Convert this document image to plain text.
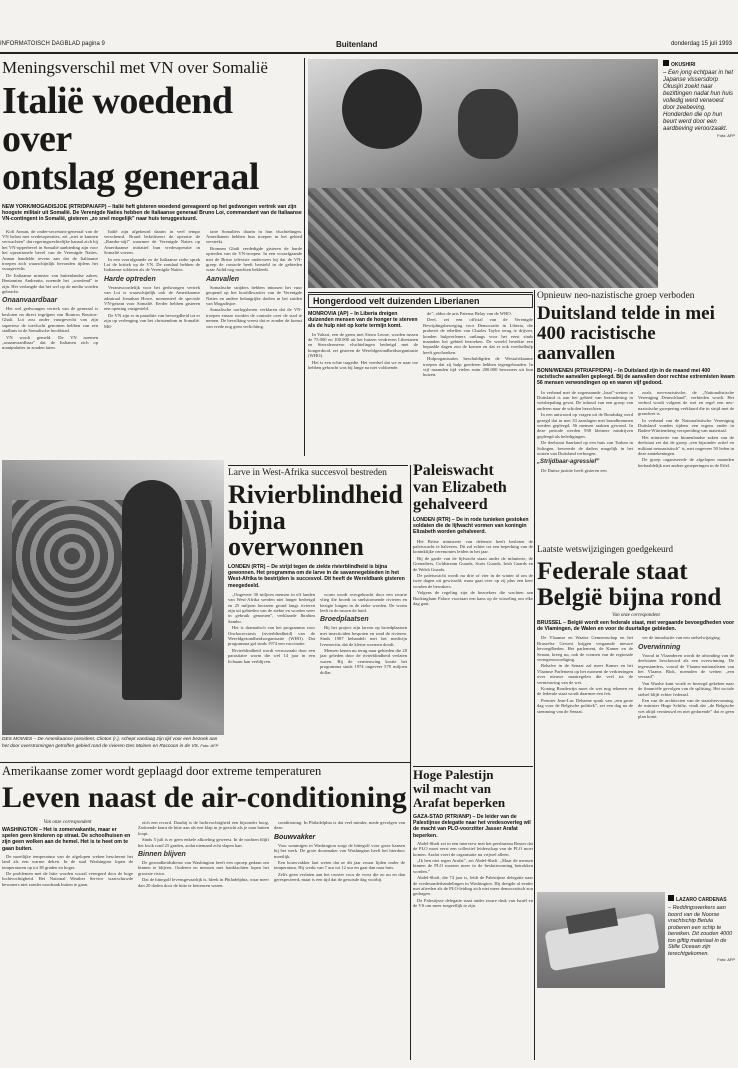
INFORMATOISCH DAGBLAD pagina 9	Buitenland	donderdag 15 juli 1993
Meningsverschil met VN over Somalië
Italië woedend over
ontslag generaal
NEW YORK/MOGADISJOE (RTR/DPA/AFP) – Italië heft gisteren woedend gereageerd op het gedwongen vertrek van zijn hoogste militair uit Somalië. De Verenigde Naties hebben de Italiaanse generaal Bruno Loi, commandant van de Italiaanse VN-contingent in Somalië, gisteren „zo snel mogelijk” naar huis teruggestuurd.

Kofi Annan, de onder-secretaris-generaal van de VN belast met vredesoperaties, zei „niet te kunnen verwachten” dat regeringsrechtelijke kanaal zich bij het VN-opperbevel in Somalië aanbieding zijn voor het operationele bevel van de Verenigde Naties. Annan handelde tevens aan dat de Italiaanse troepen zich waarschijnlijk bevonden tijdens het vuurgevecht.

De Italiaanse minister van buitenlandse zaken, Beniamino Andreatta, noemde het „woedend” te zijn. Het verlangde dat het wel op de media worden gebracht.

Onaanvaardbaar

Het wel gedwongen vertrek van de generaal is besloten na direct ingrijpen van Boutros Boutros-Ghali. Loi zou onder vuurgevecht van zijn superieur de toevlucht genomen hebben van een stadhuis in de Somalische hoofdstad.

VN wordt gemeld. De VN noemen „onaanvaardbaar” dat de Italianen zich op manipulaties in zouden laten.

Italië zijn afgekeurd daarin in veel tempo verscheurd. Brand bekritiseert de operatie de „Rambo-stijl” waarmee de Verenigde Naties op Amerikaanse initiatief hun vredesoperatie in Somalië voeren.

In een voorafgaande zo de Italiaanse radio sprak Loi de kritiek op de VN. De zondaal hebben de Italiaanse soldaten als de Verenigde Naties.

Harde optreden

Verantwoordelijk voor het gedwongen vertrek van Loi is waarschijnlijk ook de Amerikaanse admiraal Jonathan Howe, momenteel de speciale VN-gezant voor Somalië. Eerder hebben gisteren een opening vastgesteld.

De VN zijn er in paraditie van bevoegdheid tot er zijn op verlenging van het christendom in Somalië. Mil-

taire Somaliërs daarin in hun vluchtelingen. Amerikanen hebben hun troepen in het gebied versterkt.

Bronnen Ghali verdedigde gisteren de harde optreden van de VN-troepen. In een voorafgaande met de Britse televisie onderwees hij dat de VN-groep de controle heeft hersteld in de gebieden waar Aidid nog machten bekleedt.

Aanvallen

Somalische strijders hebben intussen het vuur geopend op het hoofdkwartier van de Verenigde Naties en andere belangrijke doelen in het zuiden van Mogadisjoe.

Somalische oorlogsheren verklaren dat de VN-troepen ernaar worden de controle over de stad te nemen. De bevolking vreest dat er zonder de komst van vrede nog geen verlichting.

OKUSHIRI
– Een jong echtpaar in het Japanse vissersdorp Okusjiri zoekt naar bezittingen nadat hun huis volledig werd verwoest door zeebeving. Honderden die op hun beurt werd door een aardbeving veroorzaakt.
Foto: AFP
Hongerdood velt duizenden Liberianen
MONROVIA (AP) – In Liberia dreigen duizenden mensen van de honger te sterven als de hulp niet op korte termijn komt.

In Valtari, een de grens met Sierra Leone, worden tussen de 75.000 en 100.000 uit het huizen verdreven Liberianen en Sierraleoneese vluchtelingen bedreigd met de hongerdood, zei gisteren de Wereldgezondheidsorganisatie (WHO).

Het is een echte tragedie. Het voedsel dat we er naar toe hebben gebracht was bij lange na niet voldoende.

de”, aldus de arts Paterna Belay van de WHO.

Deel, zei een official van de Verenigde Bevrijdingsbeweging voor Democratie in Liberia, die probeert de rebellen van Charles Taylor terug te drijven, konden hulpverleners ontlangs voor het eerst sinds maanden het gebied bezoeken. De wereld bereikte een bepaalde dagen zou de komen en dat er ook voedselhulp heeft geschonken.

Hulporganisaties beschuldigden de Westafrikaanse troepen dat zij hulp goederen hebben tegengehouden. In vijf maanden tijd vielen ruim 200.000 bewoners uit hun huizen.

Opnieuw neo-nazistische groep verboden
Duitsland telde in mei
400 racistische aanvallen
BONN/WENEN (RTR/AFP/DPA) – In Duitsland zijn in de maand mei 400 racistische aanvallen gepleegd. Bij de aanvallen door rechtse extremisten kwam 56 mensen verwondingen op en waren vijf gedood.

In verband met de zogenaamde „haat”-wetten in Duitsland is aan het gebied van bezondering in wetsbepaling gevat. De inhoud van een groep van anderen naar de scholen bezochten.

In een antwoord op vragen uit de Bondsdag werd gezegd dat in mei 33 aanslagen met brandbommen werden gepleegd, 56 mensen raakten gewond. In deze periode werden 938 kleinere misdrijven gepleegd als beledigingen.

De deelstaat Saarland op een huis van Turken in Solingen, beweerde de daders mogelijk in het oosten van Duitsland verborgen.

„Strijdbaar-agressief”

De Duitse justitie heeft gisteren een

zoals neo-nazistische, de „Nationalistische Vereniging Deutschland”, verbieden wordt. Het verbod wordt volgens de wet en regel een neo-nazistische groepering verklaard die in strijd met de grondwet is.

In verband van de Nationalistische Vereniging Duitsland vonden tijdens een ergens onder in Baden-Württemberg verspreiding van materiaal.

Het ministerie van binnenlandse zaken van de deelstaat zei dat de groep „een bijzonder actief en militant neonazistisch” is, met ongeveer 50 leden in deze aantekeningen.

De groep organiseerde de afgelopen maanden herhaaldelijk met andere groeperingen in de Eifel.

DES MOINES – De Amerikaanse president, Clinton (r.), schept vandaag zijn tijd voor een bezoek aan het door overstromingen getroffen gebied rond de rivieren Des Moines en Raccoon in de VS. Foto: AFP
Larve in West-Afrika succesvol bestreden
Rivierblindheid
bijna overwonnen
LONDEN (RTR) – De strijd tegen de ziekte rivierblindheid is bijna gewonnen. Het programma om de larve in de savannegebieden in het West-Afrika te bestrijden is succesvol. Dit heeft de Wereldbank gisteren meegedeeld.

„Ongeveer 30 miljoen mensen in elf landen van West-Afrika werden niet langer bedreigd en 25 miljoen hectaren grond langs rivieren zijn uit gebieden van de ziekte en worden weer in gebruik genomen”, verklaarde Ibrahim Sambo.

Het is dramatisch van het programma voor Onchocerciasis (rivierblindheid) van de Wereldgezondheidsorganisatie (WHO). Dat programma gaf sinds 1974 een vaccinatie.

Rivierblindheid wordt veroorzaakt door een parasitaire worm die wel 14 jaar in een lichaam kan verblijven.

worm wordt overgebracht door een zwarte vlieg die broedt in snelstromende rivieren en bezigte longen in de zieke worden. De worm leeft in de tussen de huid.

Broedplaatsen

Bij het project zijn larven op broedplaatsen met insecticiden bespoten en rond de rivieren. Sinds 1987 behandelt met het medicijn Ivermectin, dat de kleine wormen doodt.

Mensen kenen nu terug naar gebieden die 20 jaar geleden door de rivierblindheid verlaten waren. Bij de vernieuwing kostte het programma sinds 1974 ongeveer 570 miljoen dollar.

Paleiswacht
van Elizabeth
gehalveerd
LONDEN (RTR) – De in rode tunieken gestoken soldaten die de lijfwacht vormen van koningin Elizabeth worden gehalveerd.

Het Britse ministerie van defensie heeft besloten de paleiswacht te halveren. Dit zal echter tot een beperking van de koninklijke ceremonies leiden in het jaar.

Bij de garde van de lijfwacht staan onder de infanterie, de Grenadiers, Coldstream Guards, Scots Guards, Irish Guards en de Welsh Guards.

De paleiswacht wordt nu drie of vier in de winter al om de twee dagen uit gewisseld, maar gaat over op zij plus een keer worden de bewakers.

Volgens de regeling zijn de bezoekers die wachten aan Buckingham Palace voortaan een kans op de wisseling om elke dag gaat.

Laatste wetswijzigingen goedgekeurd
Federale staat
België bijna rond
Van onze correspondent
BRUSSEL – België wordt een federale staat, met vergaande bevoegdheden voor de Vlamingen, de Walen en voor de duurtalige gebieden.

De Vlaamse en Waalse Gemeenschap en het Brusselse Gewest krijgen vergaande nieuwe bevoegdheden. Het parlement, de Kamer en de Senaat, kreeg nu, ook de vormen van de regionale vertegenwoordiging.

Behalve in de Senaat zal meer Kamer en het Vlaamse Parlement op het moment de verkiezingen over nieuwe maatregelen die veel tot de vernieuwing van de wet.

Koning Boudewijn moet de wet nog tekenen en de federale staat wordt daarmee een feit.

Premier Jean-Luc Dehaene sprak van „een grote dag voor de Belgische politiek”, zei een dag na de stemming van de Senaat.

ver de introductie van een stelselwijziging.

Overwinning

Vooral in Vlaanderen wordt de afronding van de deelstaten beschouwd als een overwinning. De tegenstanders, vooral de Vlaams-nationalisten van het Vlaams Blok, noemden de wetten „een verraad”.

Van Waalse kant wordt er bezorgd gekeken naar de financiële gevolgen van de splitsing. Het sociale stelsel blijft echter federaal.

Een van de architecten van de staatshervorming, de minister Hugo Schiltz, vindt dat „de Belgische wet altijd vernieuwd en niet gedurende” dat er geen plan komt.

Amerikaanse zomer wordt geplaagd door extreme temperaturen
Leven naast de air-conditioning
Van onze correspondent
WASHINGTON – Het is zomervakantie, maar er spelen geen kinderen op straat. De schoolhuisen en zijn geen wolken aan de hemel. Het is te heet om te gaan buiten.

De moeilijke temperatuur van de afgelopen weken beschermt het land als een warme deken. In de stad Washington lopen de temperaturen op tot 38 graden en hoger.

De problemen met de hitte worden vooral verergerd door de hoge luchtvochtigheid. Het National Weather Service waarschuwde bewoners niet zonder noodzaak buiten te gaan.

zich een record. Daarbij is de luchtvochtigheid een bijzonder hoog. Zodoende komt de hitte aan als een klap in je gezicht als je naar buiten loopt.

Sinds 5 juli is er geen enkele afkoeling geweest. In de nachten blijft het kwik rond 25 graden, zodat niemand echt slapen kan.

Binnen blijven

De gezondheidsdienst van Washington heeft een oproep gedaan om binnen te blijven. Ouderen en mensen met hartklachten lopen het grootste risico.

Dat de hittegolf levensgevaarlijk is, bleek in Philadelphia, waar meer dan 20 doden door de hitte te betreuren waren.

conditioning. In Philadelphia is dat veel minder, mede gevolgen van deze.

Bouwvakker

Voor sommigen in Washington zorgt de hittegolf voor grote kansen bij het werk. De grote doormaker van Washington heeft het hierdoor moeilijk.

Een bouwvakker laat weten dat ze dit jaar zwaar lijden onder de temperatuur. Hij werkt van 7 uur tot 12 uur en gaat dan naar huis.

Zelfs geen verlaten aan het rooster voor de vorst die zo nu en dan gerespecteerd, maar is een tijd dat de gesuisde dag voorbij.

Hoge Palestijn
wil macht van
Arafat beperken
GAZA-STAD (RTR/ANP) – De leider van de Palestijnse delegatie naar het vredesoverleg wil de macht van PLO-voorzitter Jasser Arafat beperken.

Abdel-Shafi zei in een interview met het persbureau Reuter dat de PLO moet eerst een collectief leiderschap van de PLO moet komen. Arafat voert de organisatie nu vrijwel alleen.

„Ik ben niet tegen Arafat”, zei Abdel-Shafi. „Maar de mensen binnen de PLO moeten meer in de besluitvorming betrokken worden.”

Abdel-Shafi, die 74 jaar is, leidt de Palestijnse delegatie naar de vredesonderhandelingen in Washington. Hij dreigde al eerder met aftreden als de PLO-leiding zich niet meer democratisch zou gedragen.

De Palestijnse delegatie staat onder zware druk van Israël en de VS om meer toegeeflijk te zijn.

LAZARO CARDENAS
– Reddingswerkers aan boord van de Noorse vrachtschip Betula proberen een schip te bereiken. Dit zouden 4000 ton giftig materiaal in de Stille Oceaan zijn terechtgekomen.
Foto: AFP
